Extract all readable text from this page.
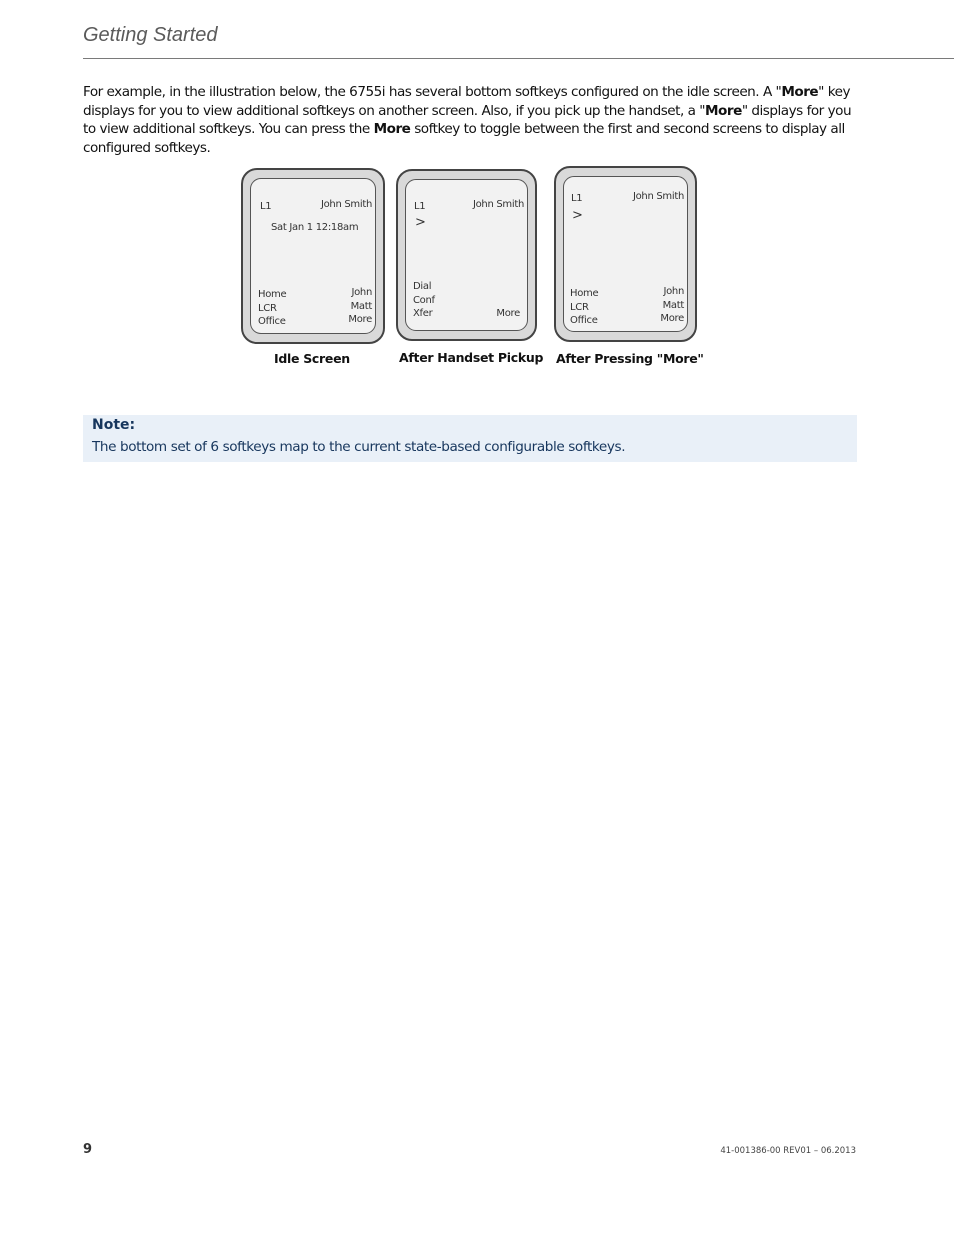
Getting Started
For example, in the illustration below, the 6755i has several bottom softkeys configured on the idle screen. A "More" key displays for you to view additional softkeys on another screen. Also, if you pick up the handset, a "More" displays for you to view additional softkeys. You can press the More softkey to toggle between the first and second screens to display all configured softkeys.
L1	John Smith
Sat Jan 1 12:18am
Home
LCR
Office
John
Matt
More
Idle Screen
L1	John Smith
>
Dial
Conf
Xfer	More
After Handset Pickup
L1	John Smith
>
Home
LCR
Office
John
Matt
More
After Pressing "More"
Note:
The bottom set of 6 softkeys map to the current state-based configurable softkeys.
9	41-001386-00 REV01 – 06.2013
